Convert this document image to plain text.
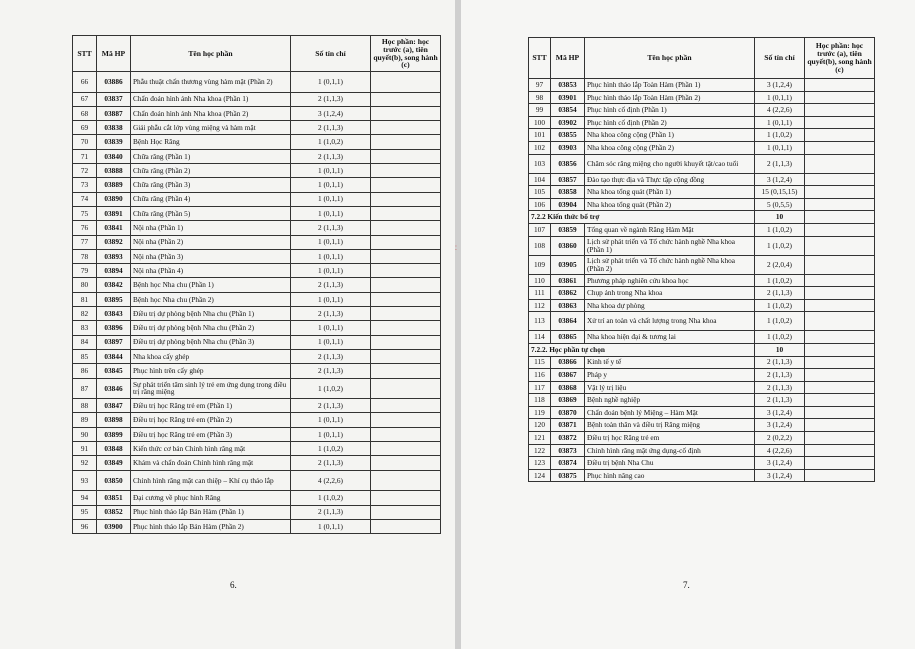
STT	Mã HP	Tên học phần	Số tín chỉ	Học phần: học trước (a), tiên quyết(b), song hành (c)
66	03886	Phẫu thuật chấn thương vùng hàm mặt (Phần 2)	1 (0,1,1)	
67	03837	Chẩn đoán hình ảnh Nha khoa (Phần 1)	2 (1,1,3)	
68	03887	Chẩn đoán hình ảnh Nha khoa (Phần 2)	3 (1,2,4)	
69	03838	Giải phẫu cắt lớp vùng miệng và hàm mặt	2 (1,1,3)	
70	03839	Bệnh Học Răng	1 (1,0,2)	
71	03840	Chữa răng (Phần 1)	2 (1,1,3)	
72	03888	Chữa răng (Phần 2)	1 (0,1,1)	
73	03889	Chữa răng (Phần 3)	1 (0,1,1)	
74	03890	Chữa răng (Phần 4)	1 (0,1,1)	
75	03891	Chữa răng (Phần 5)	1 (0,1,1)	
76	03841	Nội nha (Phần 1)	2 (1,1,3)	
77	03892	Nội nha (Phần 2)	1 (0,1,1)	
78	03893	Nội nha (Phần 3)	1 (0,1,1)	
79	03894	Nội nha (Phần 4)	1 (0,1,1)	
80	03842	Bệnh học Nha chu (Phần 1)	2 (1,1,3)	
81	03895	Bệnh học Nha chu (Phần 2)	1 (0,1,1)	
82	03843	Điều trị dự phòng bệnh Nha chu (Phần 1)	2 (1,1,3)	
83	03896	Điều trị dự phòng bệnh Nha chu (Phần 2)	1 (0,1,1)	
84	03897	Điều trị dự phòng bệnh Nha chu (Phần 3)	1 (0,1,1)	
85	03844	Nha khoa cấy ghép	2 (1,1,3)	
86	03845	Phục hình trên cấy ghép	2 (1,1,3)	
87	03846	Sự phát triển tâm sinh lý trẻ em ứng dụng trong điều trị răng miệng	1 (1,0,2)	
88	03847	Điều trị học Răng trẻ em (Phần 1)	2 (1,1,3)	
89	03898	Điều trị học Răng trẻ em (Phần 2)	1 (0,1,1)	
90	03899	Điều trị học Răng trẻ em (Phần 3)	1 (0,1,1)	
91	03848	Kiến thức cơ bản Chỉnh hình răng mặt	1 (1,0,2)	
92	03849	Khám và chẩn đoán Chỉnh hình răng mặt	2 (1,1,3)	
93	03850	Chỉnh hình răng mặt can thiệp – Khí cụ tháo lắp	4 (2,2,6)	
94	03851	Đại cương về phục hình Răng	1 (1,0,2)	
95	03852	Phục hình tháo lắp Bán Hàm (Phần 1)	2 (1,1,3)	
96	03900	Phục hình tháo lắp Bán Hàm (Phần 2)	1 (0,1,1)	
6.
⁚
STT	Mã HP	Tên học phần	Số tín chỉ	Học phần: học trước (a), tiên quyết(b), song hành (c)
97	03853	Phục hình tháo lắp Toàn Hàm (Phần 1)	3 (1,2,4)	
98	03901	Phục hình tháo lắp Toàn Hàm (Phần 2)	1 (0,1,1)	
99	03854	Phục hình cố định (Phần 1)	4 (2,2,6)	
100	03902	Phục hình cố định (Phần 2)	1 (0,1,1)	
101	03855	Nha khoa công cộng (Phần 1)	1 (1,0,2)	
102	03903	Nha khoa công cộng (Phần 2)	1 (0,1,1)	
103	03856	Chăm sóc răng miệng cho người khuyết tật/cao tuổi	2 (1,1,3)	
104	03857	Đào tạo thực địa và Thực tập cộng đồng	3 (1,2,4)	
105	03858	Nha khoa tổng quát (Phần 1)	15 (0,15,15)	
106	03904	Nha khoa tổng quát (Phần 2)	5 (0,5,5)	
7.2.2 Kiến thức bổ trợ			10	
107	03859	Tổng quan về ngành Răng Hàm Mặt	1 (1,0,2)	
108	03860	Lịch sử phát triển và Tổ chức hành nghề Nha khoa (Phần 1)	1 (1,0,2)	
109	03905	Lịch sử phát triển và Tổ chức hành nghề Nha khoa (Phần 2)	2 (2,0,4)	
110	03861	Phương pháp nghiên cứu khoa học	1 (1,0,2)	
111	03862	Chụp ảnh trong Nha khoa	2 (1,1,3)	
112	03863	Nha khoa dự phòng	1 (1,0,2)	
113	03864	Xử trí an toàn và chất lượng trong Nha khoa	1 (1,0,2)	
114	03865	Nha khoa hiện đại & tương lai	1 (1,0,2)	
7.2.2. Học phần tự chọn			10	
115	03866	Kinh tế y tế	2 (1,1,3)	
116	03867	Pháp y	2 (1,1,3)	
117	03868	Vật lý trị liệu	2 (1,1,3)	
118	03869	Bệnh nghề nghiệp	2 (1,1,3)	
119	03870	Chẩn đoán bệnh lý Miệng – Hàm Mặt	3 (1,2,4)	
120	03871	Bệnh toàn thân và điều trị Răng miệng	3 (1,2,4)	
121	03872	Điều trị học Răng trẻ em	2 (0,2,2)	
122	03873	Chỉnh hình răng mặt ứng dụng-cố định	4 (2,2,6)	
123	03874	Điều trị bệnh Nha Chu	3 (1,2,4)	
124	03875	Phục hình nâng cao	3 (1,2,4)	
7.
